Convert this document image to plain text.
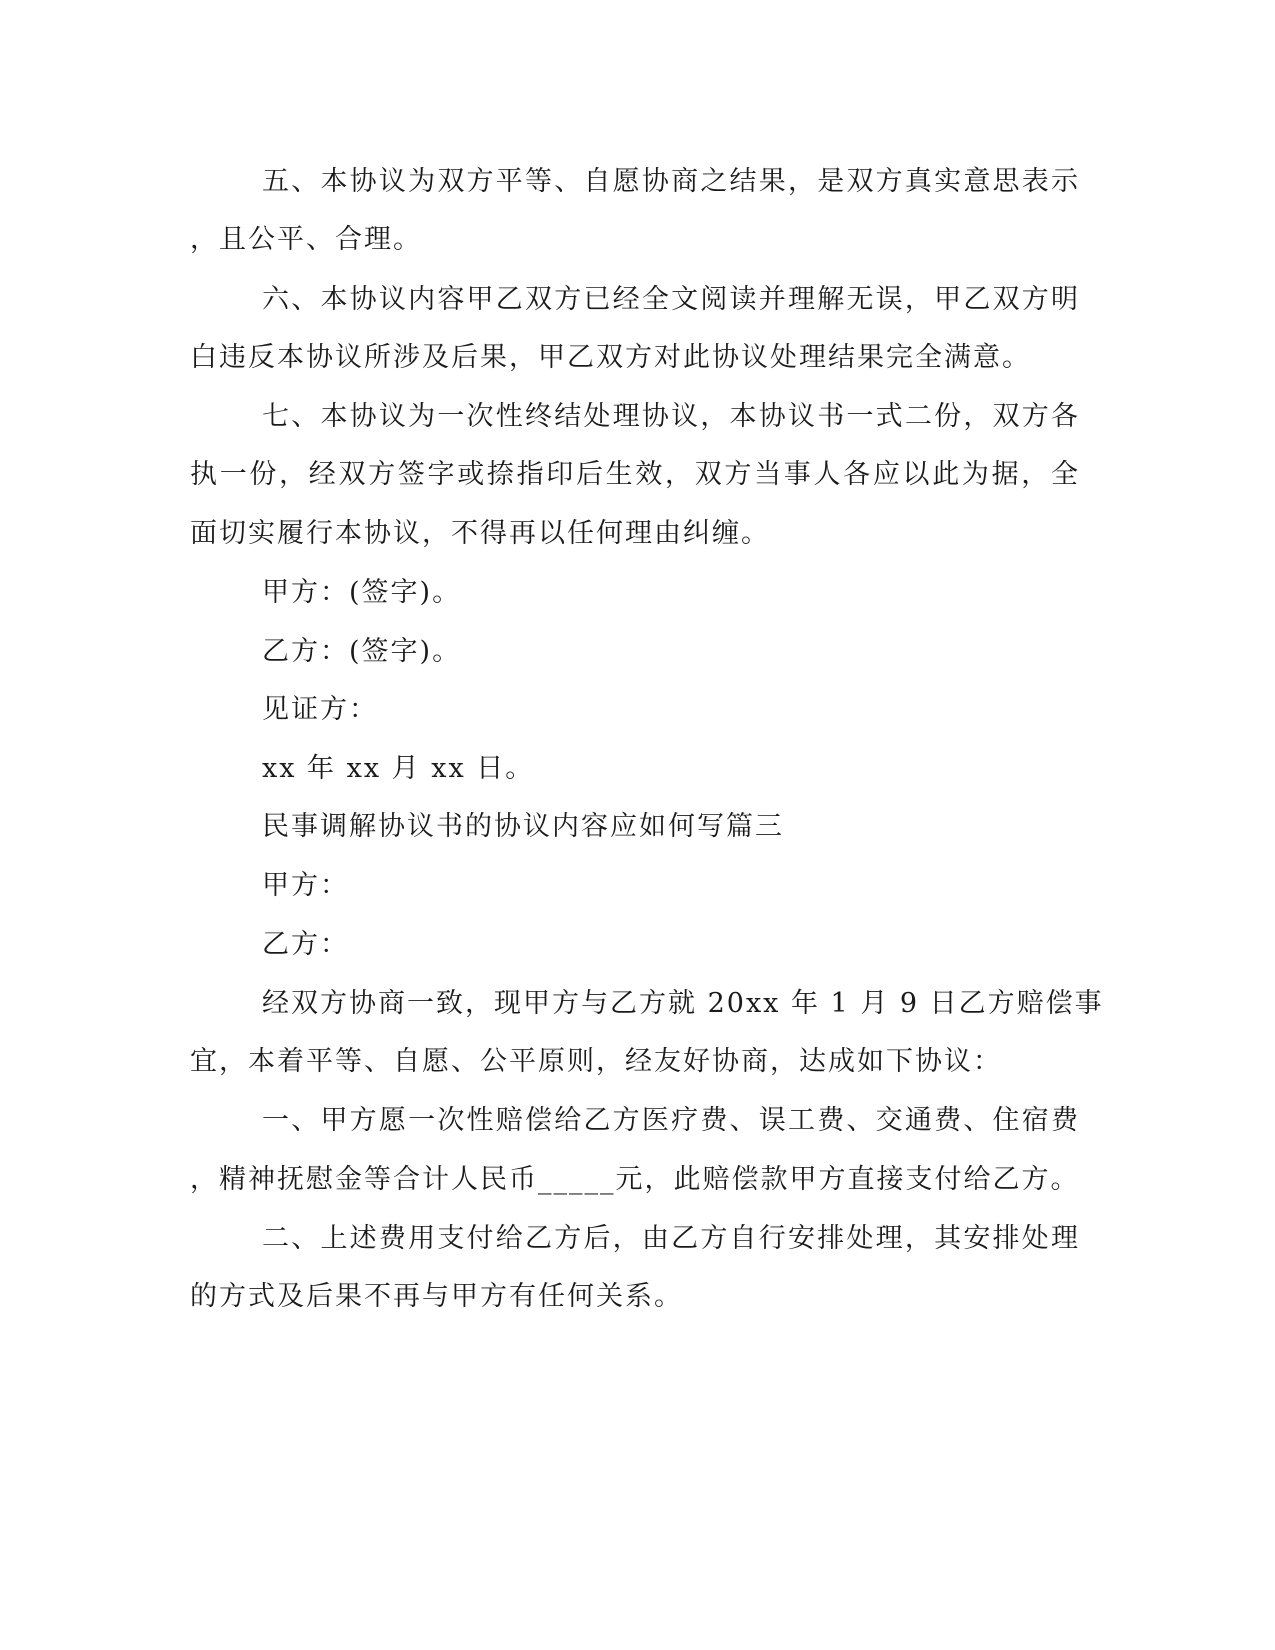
五、本协议为双方平等、自愿协商之结果，是双方真实意思表示
，且公平、合理。
六、本协议内容甲乙双方已经全文阅读并理解无误，甲乙双方明
白违反本协议所涉及后果，甲乙双方对此协议处理结果完全满意。
七、本协议为一次性终结处理协议，本协议书一式二份，双方各
执一份，经双方签字或捺指印后生效，双方当事人各应以此为据，全
面切实履行本协议，不得再以任何理由纠缠。
甲方：(签字)。
乙方：(签字)。
见证方：
xx 年 xx 月 xx 日。
民事调解协议书的协议内容应如何写篇三
甲方：
乙方：
经双方协商一致，现甲方与乙方就 20xx 年 1 月 9 日乙方赔偿事
宜，本着平等、自愿、公平原则，经友好协商，达成如下协议：
一、甲方愿一次性赔偿给乙方医疗费、误工费、交通费、住宿费
，精神抚慰金等合计人民币_____元，此赔偿款甲方直接支付给乙方。
二、上述费用支付给乙方后，由乙方自行安排处理，其安排处理
的方式及后果不再与甲方有任何关系。
